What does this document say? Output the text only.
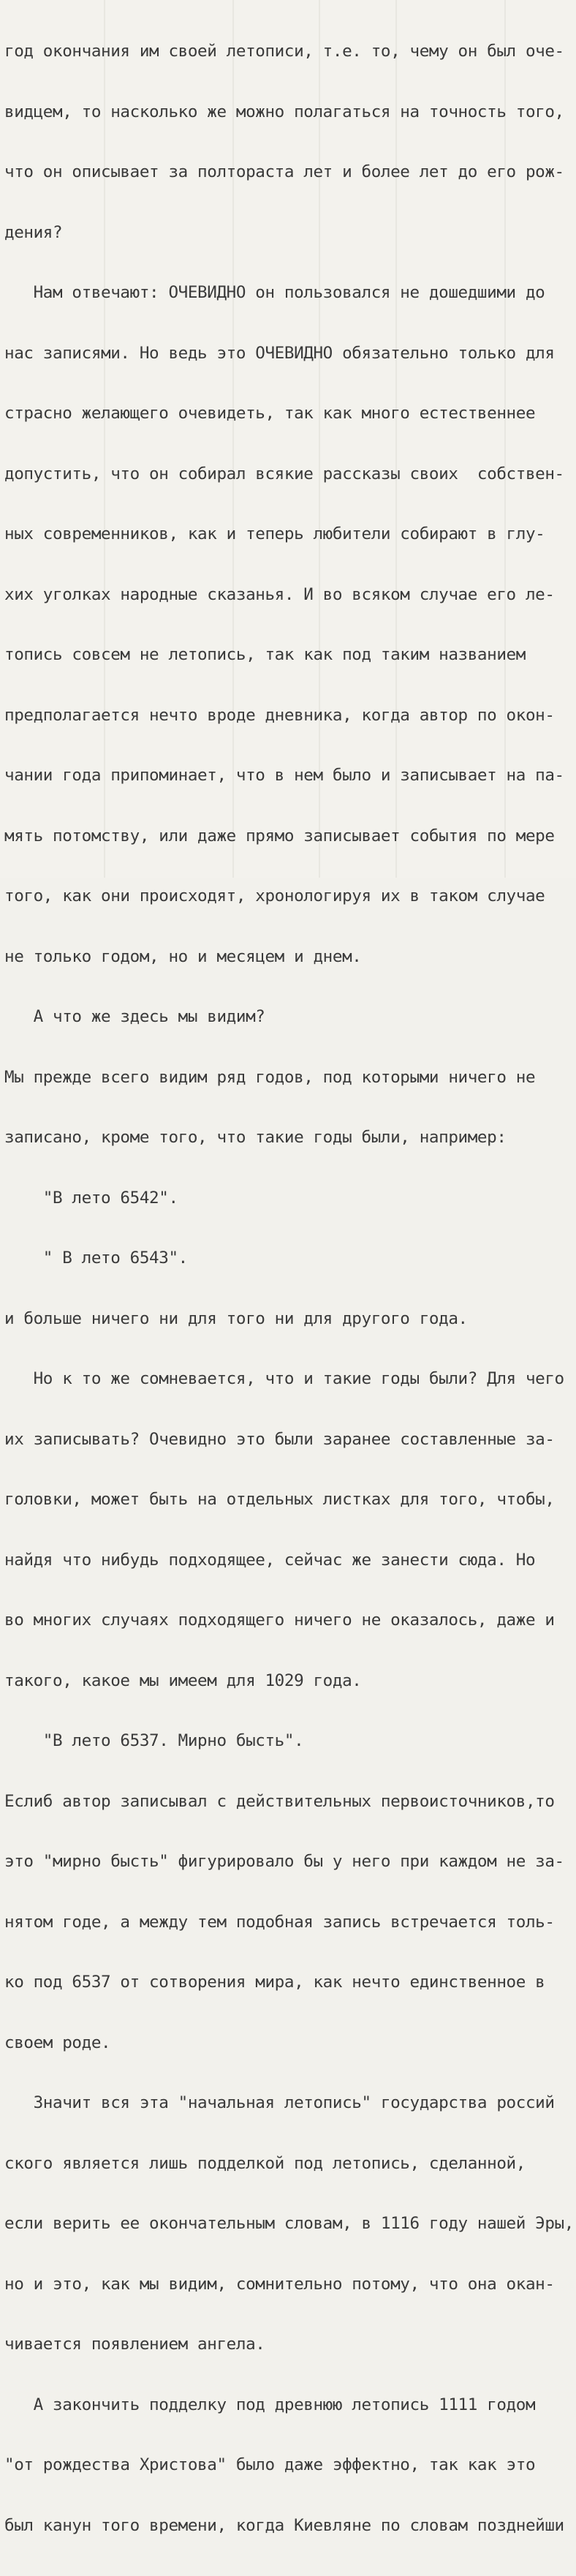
год окончания им своей летописи, т.е. то, чему он был оче-

видцем, то насколько же можно полагаться на точность того,

что он описывает за полтораста лет и более лет до его рож-

дения?

Нам отвечают: ОЧЕВИДНО он пользовался не дошедшими до

нас записями. Но ведь это ОЧЕВИДНО обязательно только для

страсно желающего очевидеть, так как много естественнее

допустить, что он собирал всякие рассказы своих  собствен-

ных современников, как и теперь любители собирают в глу-

хих уголках народные сказанья. И во всяком случае его ле-

топись совсем не летопись, так как под таким названием

предполагается нечто вроде дневника, когда автор по окон-

чании года припоминает, что в нем было и записывает на па-

мять потомству, или даже прямо записывает события по мере

того, как они происходят, хронологируя их в таком случае

не только годом, но и месяцем и днем.

А что же здесь мы видим?

Мы прежде всего видим ряд годов, под которыми ничего не

записано, кроме того, что такие годы были, например:

"В лето 6542".

" В лето 6543".

и больше ничего ни для того ни для другого года.

Но к то же сомневается, что и такие годы были? Для чего

их записывать? Очевидно это были заранее составленные за-

головки, может быть на отдельных листках для того, чтобы,

найдя что нибудь подходящее, сейчас же занести сюда. Но

во многих случаях подходящего ничего не оказалось, даже и

такого, какое мы имеем для 1029 года.

"В лето 6537. Мирно бысть".

Еслиб автор записывал с действительных первоисточников,то

это "мирно бысть" фигурировало бы у него при каждом не за-

нятом годе, а между тем подобная запись встречается толь-

ко под 6537 от сотворения мира, как нечто единственное в

своем роде.

Значит вся эта "начальная летопись" государства россий

ского является лишь подделкой под летопись, сделанной,

если верить ее окончательным словам, в 1116 году нашей Эры,

но и это, как мы видим, сомнительно потому, что она окан-

чивается появлением ангела.

А закончить подделку под древнюю летопись 1111 годом

"от рождества Христова" было даже эффектно, так как это

был канун того времени, когда Киевляне по словам позднейши
